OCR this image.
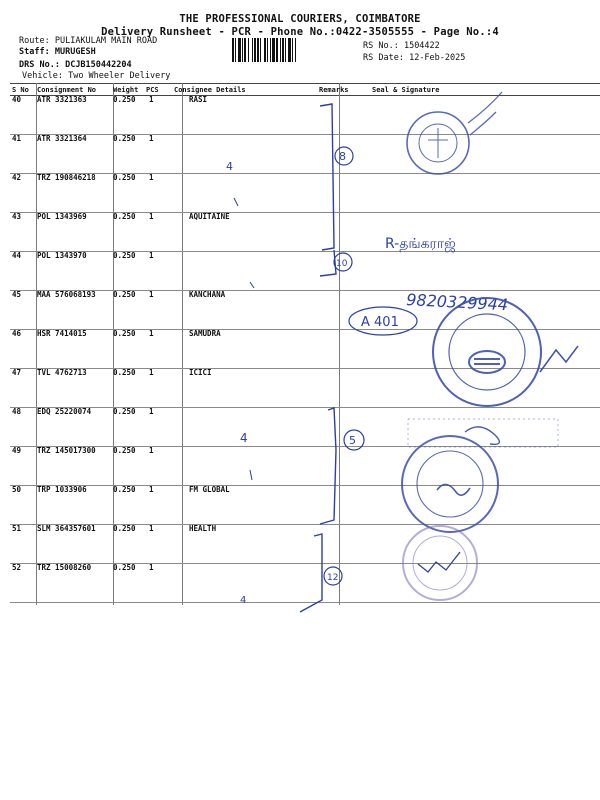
THE PROFESSIONAL COURIERS, COIMBATORE
Delivery Runsheet - PCR - Phone No.:0422-3505555 - Page No.:4
Route: PULIAKULAM MAIN ROAD
Staff: MURUGESH
DRS No.: DCJB150442204
Vehicle: Two Wheeler Delivery
RS No.: 1504422
RS Date: 12-Feb-2025
S No Consignment No Weight PCS Consignee Details	Remarks	Seal & Signature
40 ATR 3321363	0.250 1	RASI
41 ATR 3321364	0.250 1
42 TRZ 190846218 0.250 1
43 POL 1343969	0.250 1	AQUITAINE
44 POL 1343970	0.250 1
45 MAA 576068193 0.250 1	KANCHANA
46 HSR 7414015	0.250 1	SAMUDRA
47 TVL 4762713	0.250 1	ICICI
48 EDQ 25220074	0.250 1
49 TRZ 145017300 0.250 1
50 TRP 1033906	0.250 1	FM GLOBAL
51 SLM 364357601 0.250 1	HEALTH
52 TRZ 15008260	0.250 1
8
10
5
12
R-தங்கராஜ்
9820329944
A 401
4
4
4
